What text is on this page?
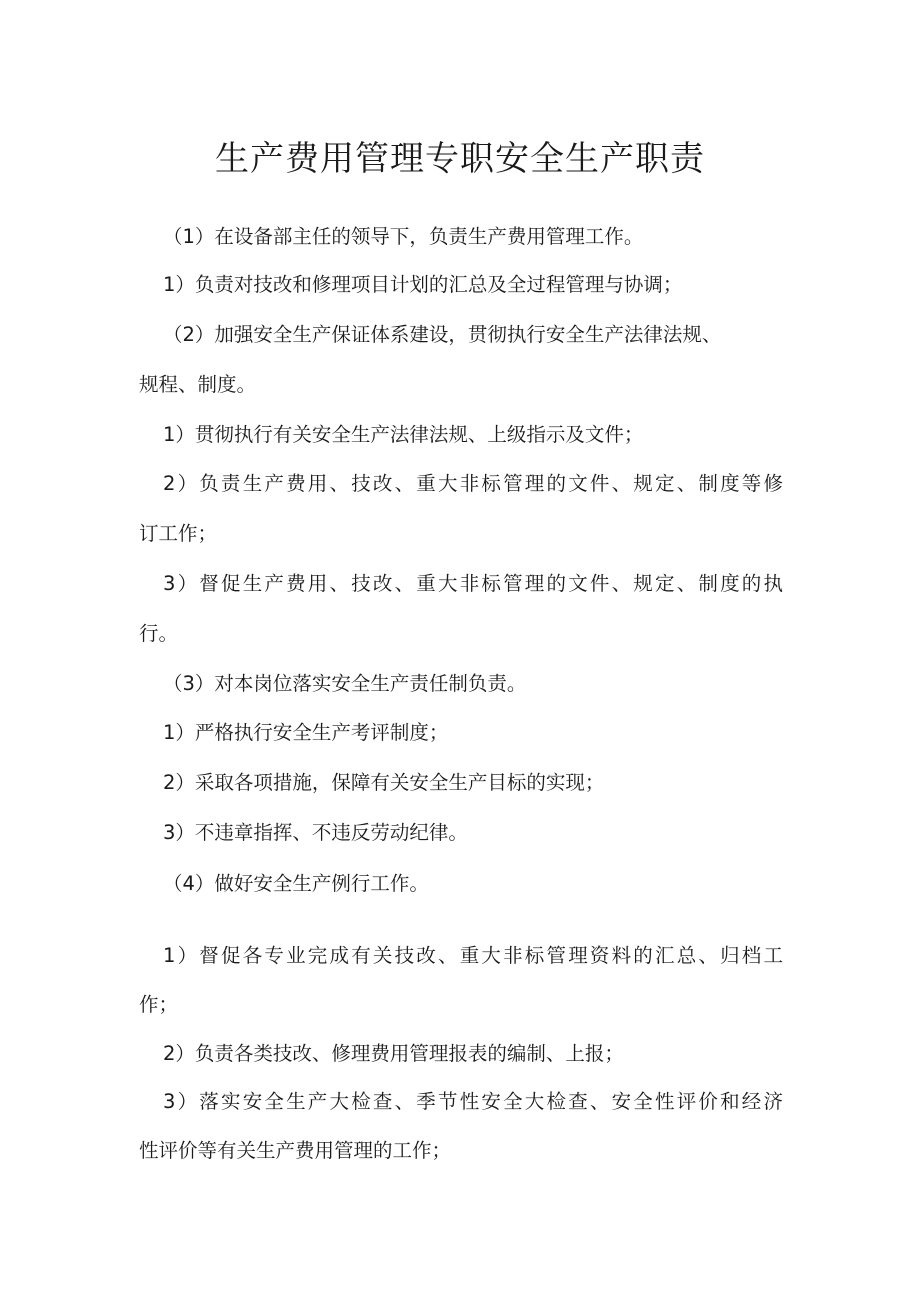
生产费用管理专职安全生产职责

（1）在设备部主任的领导下，负责生产费用管理工作。

1）负责对技改和修理项目计划的汇总及全过程管理与协调；

（2）加强安全生产保证体系建设，贯彻执行安全生产法律法规、

规程、制度。

1）贯彻执行有关安全生产法律法规、上级指示及文件；

2）负责生产费用、技改、重大非标管理的文件、规定、制度等修

订工作；

3）督促生产费用、技改、重大非标管理的文件、规定、制度的执

行。

（3）对本岗位落实安全生产责任制负责。

1）严格执行安全生产考评制度；

2）采取各项措施，保障有关安全生产目标的实现；

3）不违章指挥、不违反劳动纪律。

（4）做好安全生产例行工作。

1）督促各专业完成有关技改、重大非标管理资料的汇总、归档工

作；

2）负责各类技改、修理费用管理报表的编制、上报；

3）落实安全生产大检查、季节性安全大检查、安全性评价和经济

性评价等有关生产费用管理的工作；
